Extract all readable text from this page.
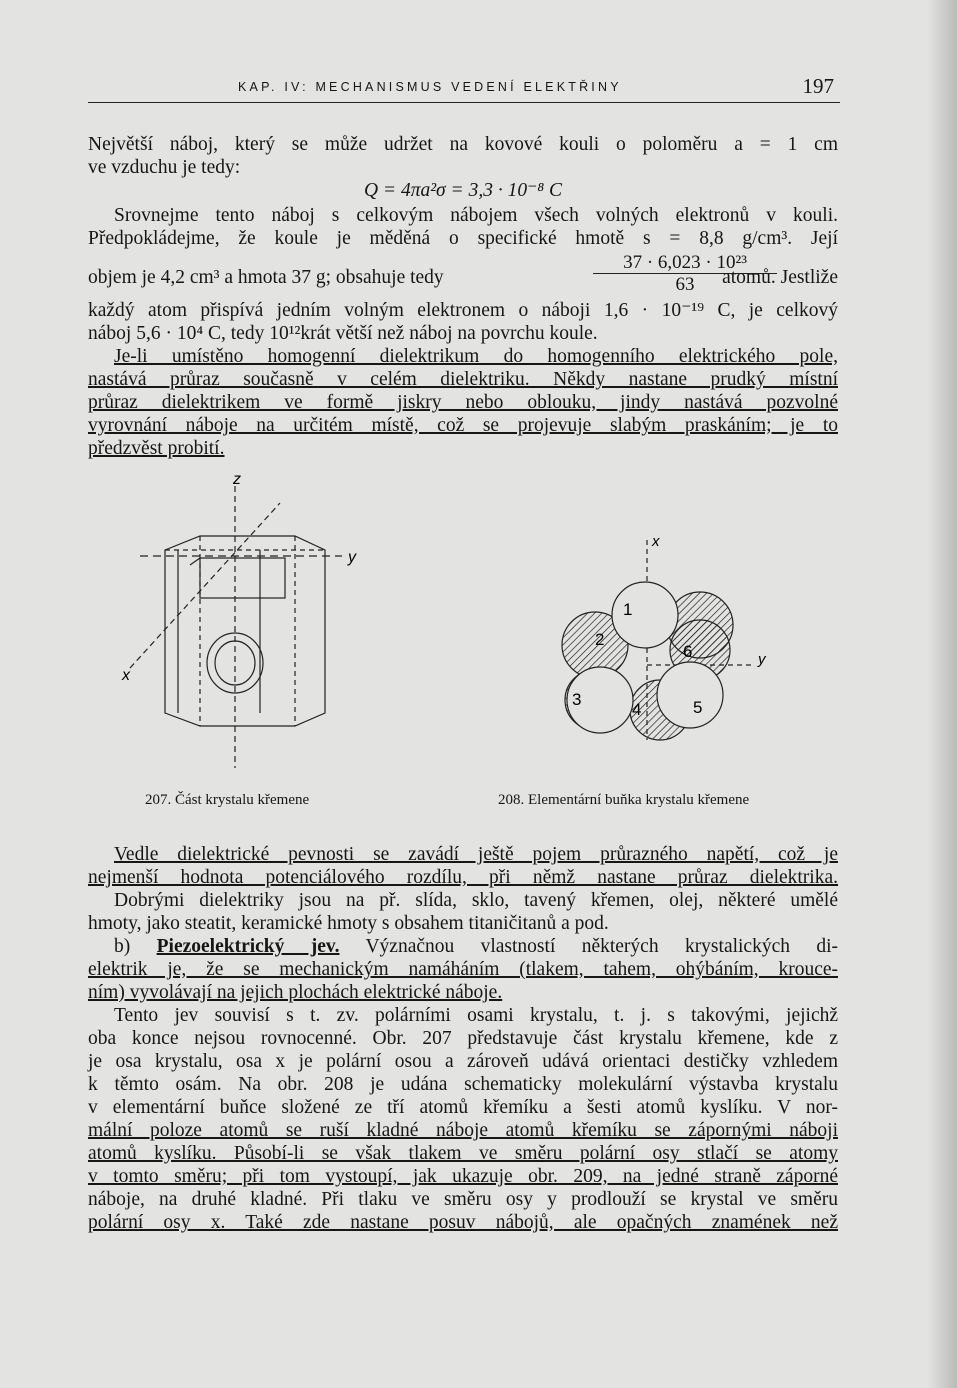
KAP. IV: MECHANISMUS VEDENÍ ELEKTŘINY	197
Největší náboj, který se může udržet na kovové kouli o poloměru a = 1 cm
ve vzduchu je tedy:
Q = 4πa²σ = 3,3 · 10⁻⁸ C
Srovnejme tento náboj s celkovým nábojem všech volných elektronů v kouli.
Předpokládejme, že koule je měděná o specifické hmotě s = 8,8 g/cm³. Její
objem je 4,2 cm³ a hmota 37 g; obsahuje tedy	$\frac{\text{37 · 6,023 · 10²³}}{63}$
atomů. Jestliže
každý atom přispívá jedním volným elektronem o náboji 1,6 · 10⁻¹⁹ C, je celkový
náboj 5,6 · 10⁴ C, tedy 10¹²krát větší než náboj na povrchu koule.
Je-li umístěno homogenní dielektrikum do homogenního elektrického pole,
nastává průraz současně v celém dielektriku. Někdy nastane prudký místní
průraz dielektrikem ve formě jiskry nebo oblouku, jindy nastává pozvolné
vyrovnání náboje na určitém místě, což se projevuje slabým praskáním; je to
předzvěst probití.
z
y
x
x
y
1
2
3
4	5
6
207. Část krystalu křemene	208. Elementární buňka krystalu křemene
Vedle dielektrické pevnosti se zavádí ještě pojem průrazného napětí, což je
nejmenší hodnota potenciálového rozdílu, při němž nastane průraz dielektrika.
Dobrými dielektriky jsou na př. slída, sklo, tavený křemen, olej, některé umělé
hmoty, jako steatit, keramické hmoty s obsahem titaničitanů a pod.
b) Piezoelektrický jev. Význačnou vlastností některých krystalických di-
elektrik je, že se mechanickým namáháním (tlakem, tahem, ohýbáním, krouce-
ním) vyvolávají na jejich plochách elektrické náboje.
Tento jev souvisí s t. zv. polárními osami krystalu, t. j. s takovými, jejichž
oba konce nejsou rovnocenné. Obr. 207 představuje část krystalu křemene, kde z
je osa krystalu, osa x je polární osou a zároveň udává orientaci destičky vzhledem
k těmto osám. Na obr. 208 je udána schematicky molekulární výstavba krystalu
v elementární buňce složené ze tří atomů křemíku a šesti atomů kyslíku. V nor-
mální poloze atomů se ruší kladné náboje atomů křemíku se zápornými náboji
atomů kyslíku. Působí-li se však tlakem ve směru polární osy stlačí se atomy
v tomto směru; při tom vystoupí, jak ukazuje obr. 209, na jedné straně záporné
náboje, na druhé kladné. Při tlaku ve směru osy y prodlouží se krystal ve směru
polární osy x. Také zde nastane posuv nábojů, ale opačných znamének než
